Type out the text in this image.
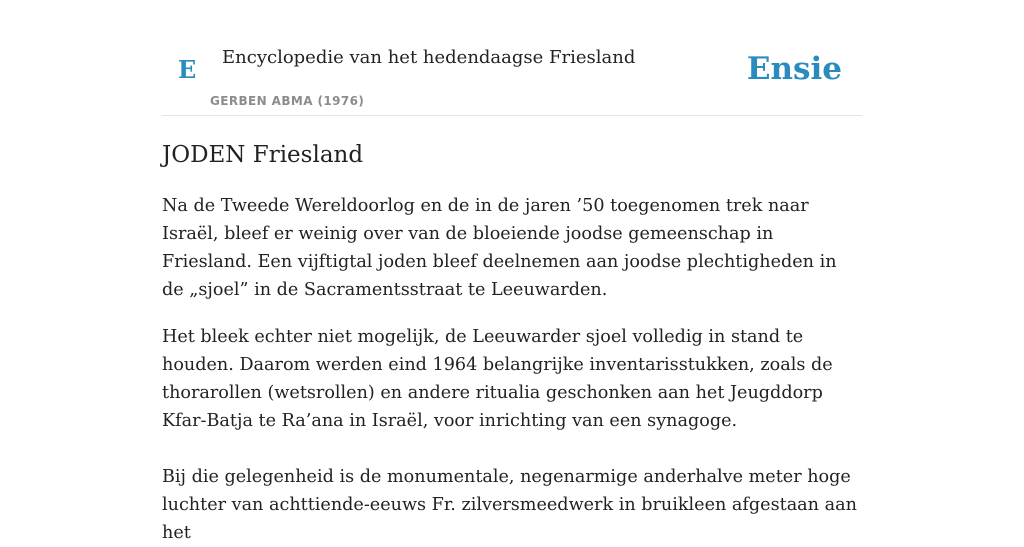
E Encyclopedie van het hedendaagse Friesland
GERBEN ABMA (1976)
Ensie
JODEN Friesland

Na de Tweede Wereldoorlog en de in de jaren ’50 toegenomen trek naar Israël, bleef er weinig over van de bloeiende joodse gemeenschap in Friesland. Een vijftigtal joden bleef deelnemen aan joodse plechtigheden in de „sjoel” in de Sacramentsstraat te Leeuwarden.

Het bleek echter niet mogelijk, de Leeuwarder sjoel volledig in stand te houden. Daarom werden eind 1964 belangrijke inventarisstukken, zoals de thorarollen (wetsrollen) en andere ritualia geschonken aan het Jeugddorp Kfar-Batja te Ra’ana in Israël, voor inrichting van een synagoge.

Bij die gelegenheid is de monumentale, negenarmige anderhalve meter hoge luchter van achttiende-eeuws Fr. zilversmeedwerk in bruikleen afgestaan aan het
